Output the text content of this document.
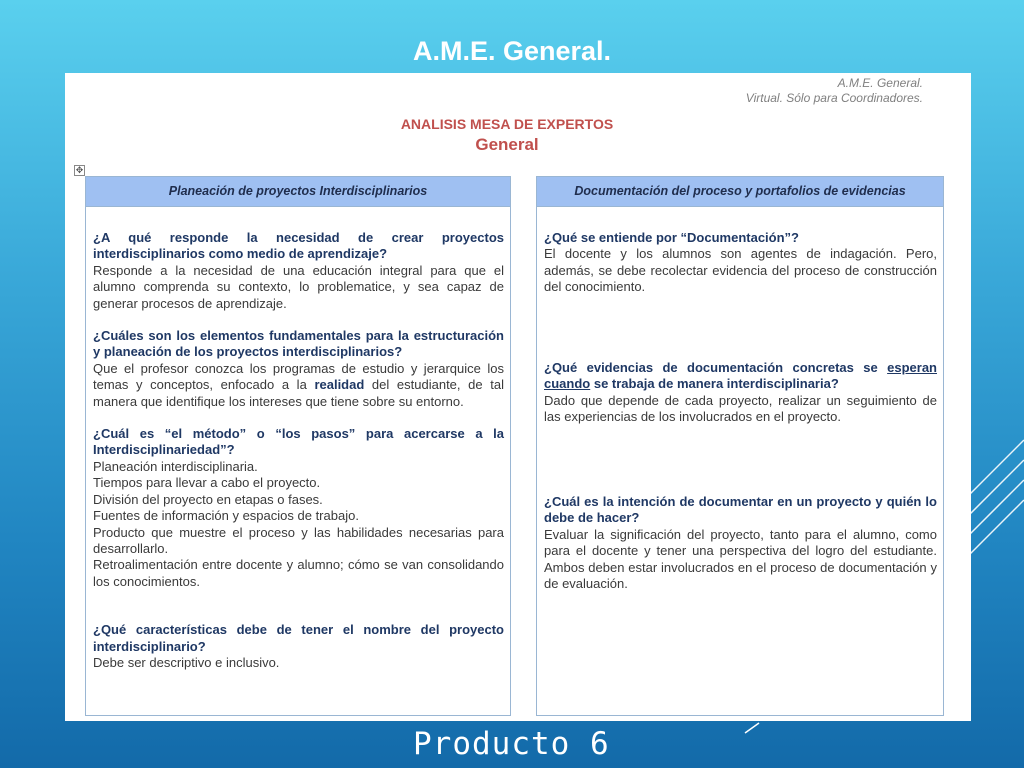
A.M.E. General.
A.M.E. General.
Virtual. Sólo para Coordinadores.
ANALISIS MESA DE EXPERTOS
General
✥
Planeación de proyectos Interdisciplinarios
¿A qué responde la necesidad de crear proyectos interdisciplinarios como medio de aprendizaje?
Responde a la necesidad de una educación integral para que el alumno comprenda su contexto, lo problematice, y sea capaz de generar procesos de aprendizaje.
¿Cuáles son los elementos fundamentales para la estructuración y planeación de los proyectos interdisciplinarios?
Que el profesor conozca los programas de estudio y jerarquice los temas y conceptos, enfocado a la realidad del estudiante, de tal manera que identifique los intereses que tiene sobre su entorno.
¿Cuál es “el método” o “los pasos” para acercarse a la Interdisciplinariedad”?
Planeación interdisciplinaria.
Tiempos para llevar a cabo el proyecto.
División del proyecto en etapas o fases.
Fuentes de información y espacios de trabajo.
Producto que muestre el proceso y las habilidades necesarias para desarrollarlo.
Retroalimentación entre docente y alumno; cómo se van consolidando los conocimientos.
¿Qué características debe de tener el nombre del proyecto interdisciplinario?
Debe ser descriptivo e inclusivo.
Documentación del proceso y portafolios de evidencias
¿Qué se entiende por “Documentación”?
El docente y los alumnos son agentes de indagación. Pero, además, se debe recolectar evidencia del proceso de construcción del conocimiento.
¿Qué evidencias de documentación concretas se esperan cuando se trabaja de manera interdisciplinaria?
Dado que depende de cada proyecto, realizar un seguimiento de las experiencias de los involucrados en el proyecto.
¿Cuál es la intención de documentar en un proyecto y quién lo debe de hacer?
Evaluar la significación del proyecto, tanto para el alumno, como para el docente y tener una perspectiva del logro del estudiante. Ambos deben estar involucrados en el proceso de documentación y de evaluación.
Producto 6
